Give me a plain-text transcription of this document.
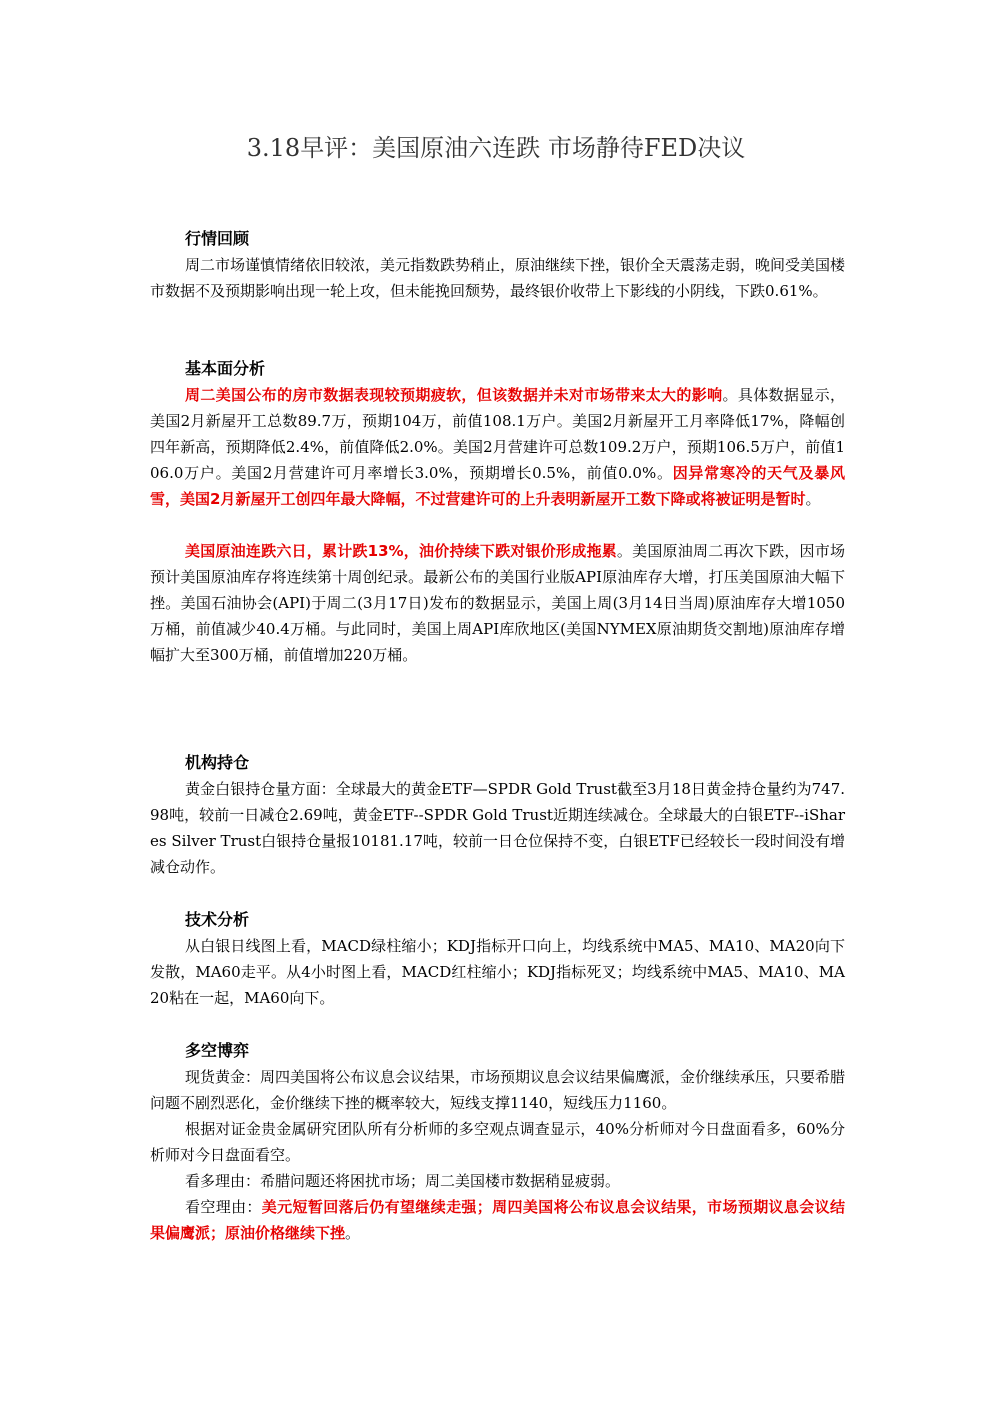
3.18早评：美国原油六连跌 市场静待FED决议

行情回顾

周二市场谨慎情绪依旧较浓，美元指数跌势稍止，原油继续下挫，银价全天震荡走弱，晚间受美国楼市数据不及预期影响出现一轮上攻，但未能挽回颓势，最终银价收带上下影线的小阴线，下跌0.61%。

基本面分析

周二美国公布的房市数据表现较预期疲软，但该数据并未对市场带来太大的影响。具体数据显示，美国2月新屋开工总数89.7万，预期104万，前值108.1万户。美国2月新屋开工月率降低17%，降幅创四年新高，预期降低2.4%，前值降低2.0%。美国2月营建许可总数109.2万户，预期106.5万户，前值106.0万户。美国2月营建许可月率增长3.0%，预期增长0.5%，前值0.0%。因异常寒冷的天气及暴风雪，美国2月新屋开工创四年最大降幅，不过营建许可的上升表明新屋开工数下降或将被证明是暂时。

美国原油连跌六日，累计跌13%，油价持续下跌对银价形成拖累。美国原油周二再次下跌，因市场预计美国原油库存将连续第十周创纪录。最新公布的美国行业版API原油库存大增，打压美国原油大幅下挫。美国石油协会(API)于周二(3月17日)发布的数据显示，美国上周(3月14日当周)原油库存大增1050万桶，前值减少40.4万桶。与此同时，美国上周API库欣地区(美国NYMEX原油期货交割地)原油库存增幅扩大至300万桶，前值增加220万桶。

机构持仓

黄金白银持仓量方面：全球最大的黄金ETF—SPDR Gold Trust截至3月18日黄金持仓量约为747.98吨，较前一日减仓2.69吨，黄金ETF--SPDR Gold Trust近期连续减仓。全球最大的白银ETF--iShares Silver Trust白银持仓量报10181.17吨，较前一日仓位保持不变，白银ETF已经较长一段时间没有增减仓动作。

技术分析

从白银日线图上看，MACD绿柱缩小；KDJ指标开口向上，均线系统中MA5、MA10、MA20向下发散，MA60走平。从4小时图上看，MACD红柱缩小；KDJ指标死叉；均线系统中MA5、MA10、MA20粘在一起，MA60向下。

多空博弈

现货黄金：周四美国将公布议息会议结果，市场预期议息会议结果偏鹰派，金价继续承压，只要希腊问题不剧烈恶化，金价继续下挫的概率较大，短线支撑1140，短线压力1160。

根据对证金贵金属研究团队所有分析师的多空观点调查显示，40%分析师对今日盘面看多，60%分析师对今日盘面看空。

看多理由：希腊问题还将困扰市场；周二美国楼市数据稍显疲弱。

看空理由：美元短暂回落后仍有望继续走强；周四美国将公布议息会议结果，市场预期议息会议结果偏鹰派；原油价格继续下挫。
